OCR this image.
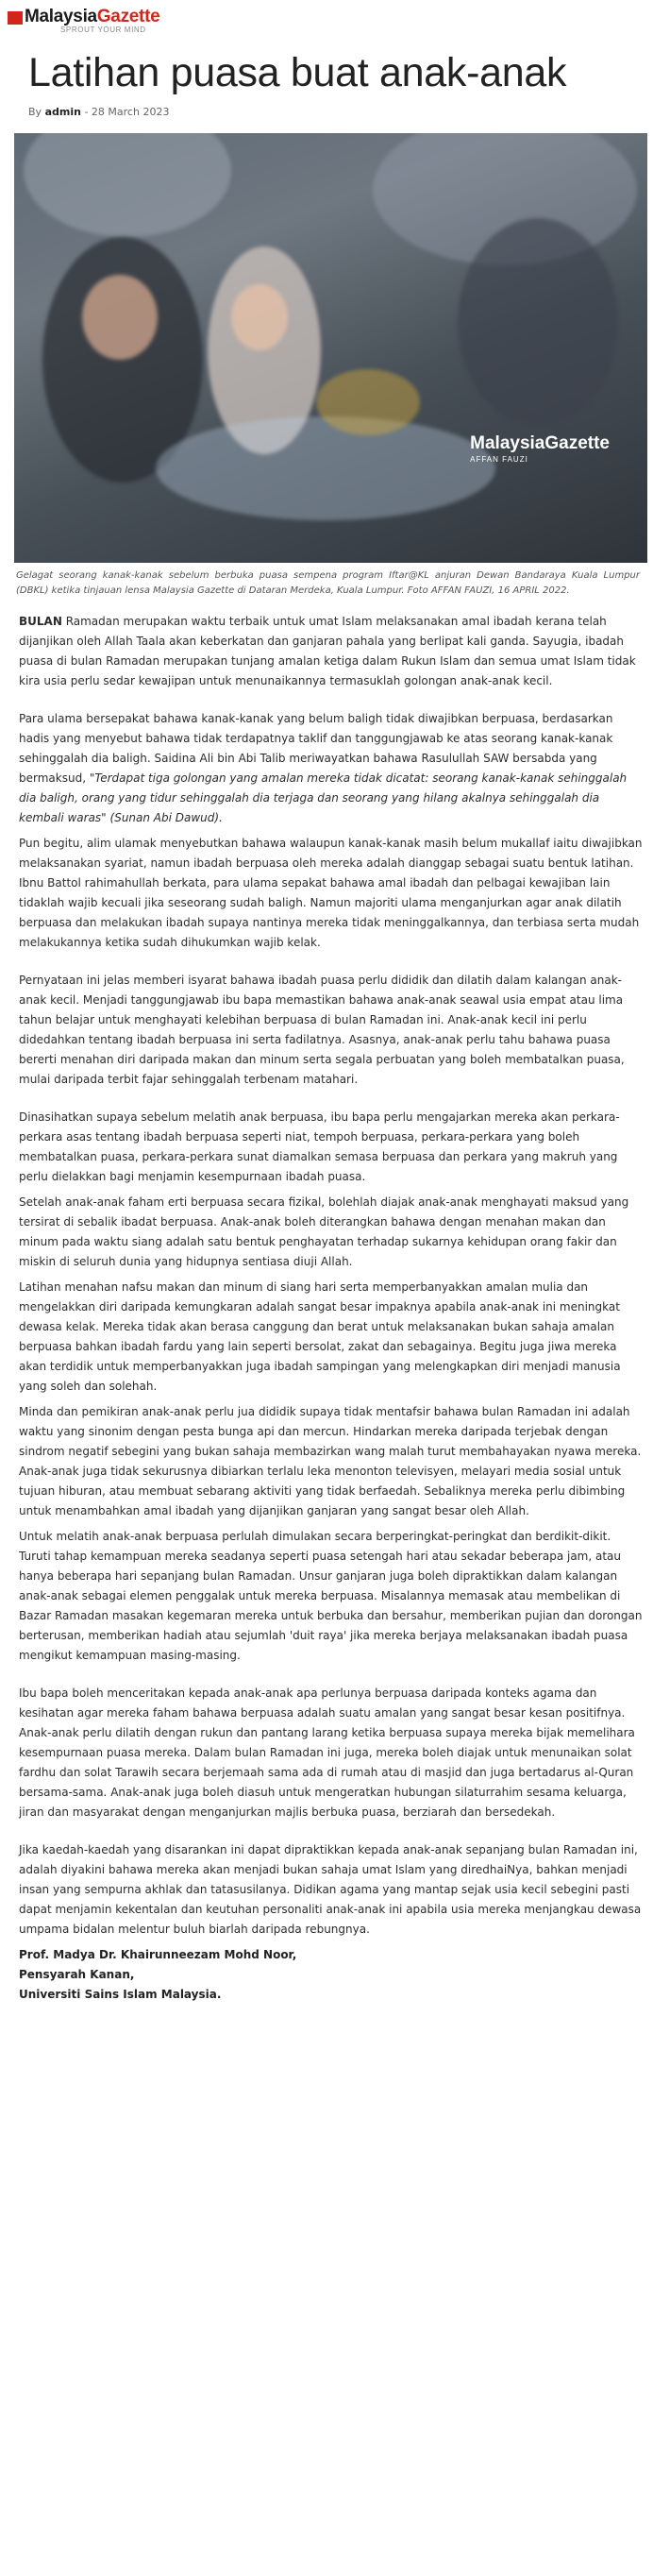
MalaysiaGazette
SPROUT YOUR MIND
Latihan puasa buat anak-anak
By admin - 28 March 2023
MalaysiaGazette
AFFAN FAUZI

Gelagat seorang kanak-kanak sebelum berbuka puasa sempena program Iftar@KL anjuran Dewan Bandaraya Kuala Lumpur (DBKL) ketika tinjauan lensa Malaysia Gazette di Dataran Merdeka, Kuala Lumpur. Foto AFFAN FAUZI, 16 APRIL 2022.

BULAN Ramadan merupakan waktu terbaik untuk umat Islam melaksanakan amal ibadah kerana telah dijanjikan oleh Allah Taala akan keberkatan dan ganjaran pahala yang berlipat kali ganda. Sayugia, ibadah puasa di bulan Ramadan merupakan tunjang amalan ketiga dalam Rukun Islam dan semua umat Islam tidak kira usia perlu sedar kewajipan untuk menunaikannya termasuklah golongan anak-anak kecil.

Para ulama bersepakat bahawa kanak-kanak yang belum baligh tidak diwajibkan berpuasa, berdasarkan hadis yang menyebut bahawa tidak terdapatnya taklif dan tanggungjawab ke atas seorang kanak-kanak sehinggalah dia baligh. Saidina Ali bin Abi Talib meriwayatkan bahawa Rasulullah SAW bersabda yang bermaksud, "Terdapat tiga golongan yang amalan mereka tidak dicatat: seorang kanak-kanak sehinggalah dia baligh, orang yang tidur sehinggalah dia terjaga dan seorang yang hilang akalnya sehinggalah dia kembali waras" (Sunan Abi Dawud).

Pun begitu, alim ulamak menyebutkan bahawa walaupun kanak-kanak masih belum mukallaf iaitu diwajibkan melaksanakan syariat, namun ibadah berpuasa oleh mereka adalah dianggap sebagai suatu bentuk latihan. Ibnu Battol rahimahullah berkata, para ulama sepakat bahawa amal ibadah dan pelbagai kewajiban lain tidaklah wajib kecuali jika seseorang sudah baligh. Namun majoriti ulama menganjurkan agar anak dilatih berpuasa dan melakukan ibadah supaya nantinya mereka tidak meninggalkannya, dan terbiasa serta mudah melakukannya ketika sudah dihukumkan wajib kelak.

Pernyataan ini jelas memberi isyarat bahawa ibadah puasa perlu dididik dan dilatih dalam kalangan anak-anak kecil. Menjadi tanggungjawab ibu bapa memastikan bahawa anak-anak seawal usia empat atau lima tahun belajar untuk menghayati kelebihan berpuasa di bulan Ramadan ini. Anak-anak kecil ini perlu didedahkan tentang ibadah berpuasa ini serta fadilatnya. Asasnya, anak-anak perlu tahu bahawa puasa bererti menahan diri daripada makan dan minum serta segala perbuatan yang boleh membatalkan puasa, mulai daripada terbit fajar sehinggalah terbenam matahari.

Dinasihatkan supaya sebelum melatih anak berpuasa, ibu bapa perlu mengajarkan mereka akan perkara-perkara asas tentang ibadah berpuasa seperti niat, tempoh berpuasa, perkara-perkara yang boleh membatalkan puasa, perkara-perkara sunat diamalkan semasa berpuasa dan perkara yang makruh yang perlu dielakkan bagi menjamin kesempurnaan ibadah puasa.

Setelah anak-anak faham erti berpuasa secara fizikal, bolehlah diajak anak-anak menghayati maksud yang tersirat di sebalik ibadat berpuasa. Anak-anak boleh diterangkan bahawa dengan menahan makan dan minum pada waktu siang adalah satu bentuk penghayatan terhadap sukarnya kehidupan orang fakir dan miskin di seluruh dunia yang hidupnya sentiasa diuji Allah.

Latihan menahan nafsu makan dan minum di siang hari serta memperbanyakkan amalan mulia dan mengelakkan diri daripada kemungkaran adalah sangat besar impaknya apabila anak-anak ini meningkat dewasa kelak. Mereka tidak akan berasa canggung dan berat untuk melaksanakan bukan sahaja amalan berpuasa bahkan ibadah fardu yang lain seperti bersolat, zakat dan sebagainya. Begitu juga jiwa mereka akan terdidik untuk memperbanyakkan juga ibadah sampingan yang melengkapkan diri menjadi manusia yang soleh dan solehah.

Minda dan pemikiran anak-anak perlu jua dididik supaya tidak mentafsir bahawa bulan Ramadan ini adalah waktu yang sinonim dengan pesta bunga api dan mercun. Hindarkan mereka daripada terjebak dengan sindrom negatif sebegini yang bukan sahaja membazirkan wang malah turut membahayakan nyawa mereka. Anak-anak juga tidak sekurusnya dibiarkan terlalu leka menonton televisyen, melayari media sosial untuk tujuan hiburan, atau membuat sebarang aktiviti yang tidak berfaedah. Sebaliknya mereka perlu dibimbing untuk menambahkan amal ibadah yang dijanjikan ganjaran yang sangat besar oleh Allah.

Untuk melatih anak-anak berpuasa perlulah dimulakan secara berperingkat-peringkat dan berdikit-dikit. Turuti tahap kemampuan mereka seadanya seperti puasa setengah hari atau sekadar beberapa jam, atau hanya beberapa hari sepanjang bulan Ramadan. Unsur ganjaran juga boleh dipraktikkan dalam kalangan anak-anak sebagai elemen penggalak untuk mereka berpuasa. Misalannya memasak atau membelikan di Bazar Ramadan masakan kegemaran mereka untuk berbuka dan bersahur, memberikan pujian dan dorongan berterusan, memberikan hadiah atau sejumlah 'duit raya' jika mereka berjaya melaksanakan ibadah puasa mengikut kemampuan masing-masing.

Ibu bapa boleh menceritakan kepada anak-anak apa perlunya berpuasa daripada konteks agama dan kesihatan agar mereka faham bahawa berpuasa adalah suatu amalan yang sangat besar kesan positifnya. Anak-anak perlu dilatih dengan rukun dan pantang larang ketika berpuasa supaya mereka bijak memelihara kesempurnaan puasa mereka. Dalam bulan Ramadan ini juga, mereka boleh diajak untuk menunaikan solat fardhu dan solat Tarawih secara berjemaah sama ada di rumah atau di masjid dan juga bertadarus al-Quran bersama-sama. Anak-anak juga boleh diasuh untuk mengeratkan hubungan silaturrahim sesama keluarga, jiran dan masyarakat dengan menganjurkan majlis berbuka puasa, berziarah dan bersedekah.

Jika kaedah-kaedah yang disarankan ini dapat dipraktikkan kepada anak-anak sepanjang bulan Ramadan ini, adalah diyakini bahawa mereka akan menjadi bukan sahaja umat Islam yang diredhaiNya, bahkan menjadi insan yang sempurna akhlak dan tatasusilanya. Didikan agama yang mantap sejak usia kecil sebegini pasti dapat menjamin kekentalan dan keutuhan personaliti anak-anak ini apabila usia mereka menjangkau dewasa umpama bidalan melentur buluh biarlah daripada rebungnya.

Prof. Madya Dr. Khairunneezam Mohd Noor,
Pensyarah Kanan,
Universiti Sains Islam Malaysia.
